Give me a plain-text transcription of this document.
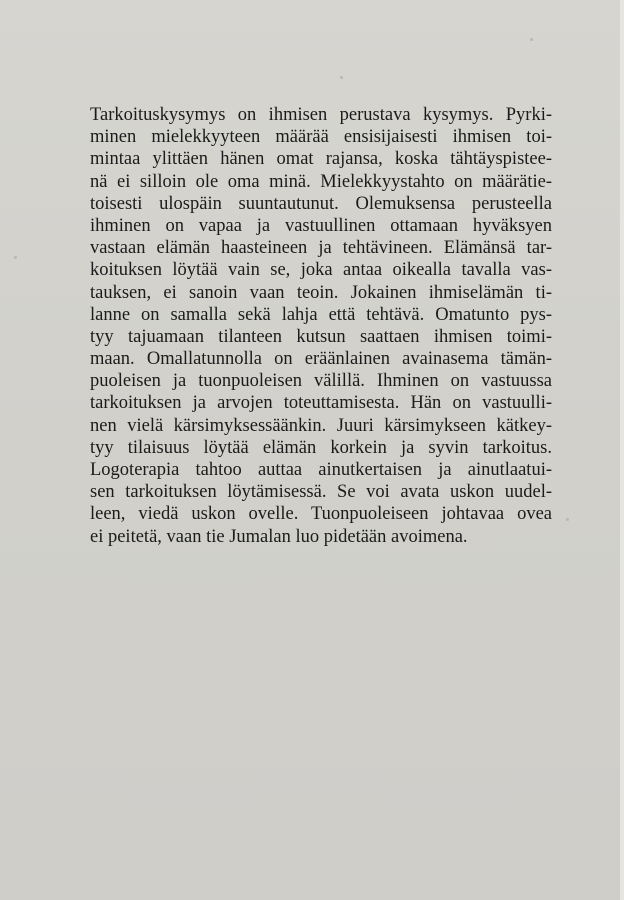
Tarkoituskysymys on ihmisen perustava kysymys. Pyrki-
minen mielekkyyteen määrää ensisijaisesti ihmisen toi-
mintaa ylittäen hänen omat rajansa, koska tähtäyspistee-
nä ei silloin ole oma minä. Mielekkyystahto on määrätie-
toisesti ulospäin suuntautunut. Olemuksensa perusteella
ihminen on vapaa ja vastuullinen ottamaan hyväksyen
vastaan elämän haasteineen ja tehtävineen. Elämänsä tar-
koituksen löytää vain se, joka antaa oikealla tavalla vas-
tauksen, ei sanoin vaan teoin. Jokainen ihmiselämän ti-
lanne on samalla sekä lahja että tehtävä. Omatunto pys-
tyy tajuamaan tilanteen kutsun saattaen ihmisen toimi-
maan. Omallatunnolla on eräänlainen avainasema tämän-
puoleisen ja tuonpuoleisen välillä. Ihminen on vastuussa
tarkoituksen ja arvojen toteuttamisesta. Hän on vastuulli-
nen vielä kärsimyksessäänkin. Juuri kärsimykseen kätkey-
tyy tilaisuus löytää elämän korkein ja syvin tarkoitus.
Logoterapia tahtoo auttaa ainutkertaisen ja ainutlaatui-
sen tarkoituksen löytämisessä. Se voi avata uskon uudel-
leen, viedä uskon ovelle. Tuonpuoleiseen johtavaa ovea
ei peitetä, vaan tie Jumalan luo pidetään avoimena.
